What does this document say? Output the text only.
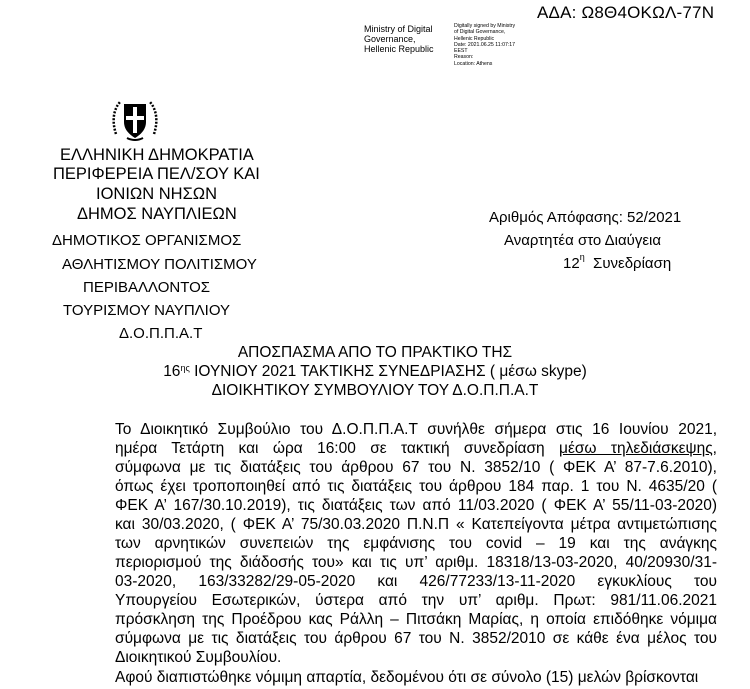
ΑΔΑ: Ω8Θ4ΟΚΩΛ-77Ν
Ministry of Digital
Governance,
Hellenic Republic
Digitally signed by Ministry
of Digital Governance,
Hellenic Republic
Date: 2021.06.25 11:07:17
EEST
Reason:
Location: Athens
ΕΛΛΗΝΙΚΗ ΔΗΜΟΚΡΑΤΙΑ
ΠΕΡΙΦΕΡΕΙΑ ΠΕΛ/ΣΟΥ ΚΑΙ
ΙΟΝΙΩΝ ΝΗΣΩΝ
ΔΗΜΟΣ ΝΑΥΠΛΙΕΩΝ
ΔΗΜΟΤΙΚΟΣ ΟΡΓΑΝΙΣΜΟΣ
ΑΘΛΗΤΙΣΜΟΥ ΠΟΛΙΤΙΣΜΟΥ
ΠΕΡΙΒΑΛΛΟΝΤΟΣ
ΤΟΥΡΙΣΜΟΥ ΝΑΥΠΛΙΟΥ
Δ.Ο.Π.Π.Α.Τ
Αριθμός Απόφασης: 52/2021
Αναρτητέα στο Διαύγεια
$12^\eta$ Συνεδρίαση
ΑΠΟΣΠΑΣΜΑ ΑΠΟ ΤΟ ΠΡΑΚΤΙΚΟ ΤΗΣ
$16^{\eta\varsigma}$ ΙΟΥΝΙΟΥ 2021 ΤΑΚΤΙΚΗΣ ΣΥΝΕΔΡΙΑΣΗΣ ( μέσω skype)
ΔΙΟΙΚΗΤΙΚΟΥ ΣΥΜΒΟΥΛΙΟΥ ΤΟΥ Δ.Ο.Π.Π.Α.Τ
Το Διοικητικό Συμβούλιο του Δ.Ο.Π.Π.Α.Τ συνήλθε σήμερα στις 16 Ιουνίου 2021,
ημέρα Τετάρτη και ώρα 16:00 σε τακτική συνεδρίαση μέσω τηλεδιάσκεψης,
σύμφωνα με τις διατάξεις του άρθρου 67 του Ν. 3852/10 ( ΦΕΚ Α’ 87-7.6.2010),
όπως έχει τροποποιηθεί από τις διατάξεις του άρθρου 184 παρ. 1 του Ν. 4635/20 (
ΦΕΚ Α’ 167/30.10.2019), τις διατάξεις των από 11/03.2020 ( ΦΕΚ Α’ 55/11-03-2020)
και 30/03.2020, ( ΦΕΚ Α’ 75/30.03.2020 Π.Ν.Π « Κατεπείγοντα μέτρα αντιμετώπισης
των αρνητικών συνεπειών της εμφάνισης του covid – 19 και της ανάγκης
περιορισμού της διάδοσής του» και τις υπ’ αριθμ. 18318/13-03-2020, 40/20930/31-
03-2020, 163/33282/29-05-2020 και 426/77233/13-11-2020 εγκυκλίους του
Υπουργείου Εσωτερικών, ύστερα από την υπ’ αριθμ. Πρωτ: 981/11.06.2021
πρόσκληση της Προέδρου κας Ράλλη – Πιτσάκη Μαρίας, η οποία επιδόθηκε νόμιμα
σύμφωνα με τις διατάξεις του άρθρου 67 του Ν. 3852/2010 σε κάθε ένα μέλος του
Διοικητικού Συμβουλίου.
Αφού διαπιστώθηκε νόμιμη απαρτία, δεδομένου ότι σε σύνολο (15) μελών βρίσκονται
